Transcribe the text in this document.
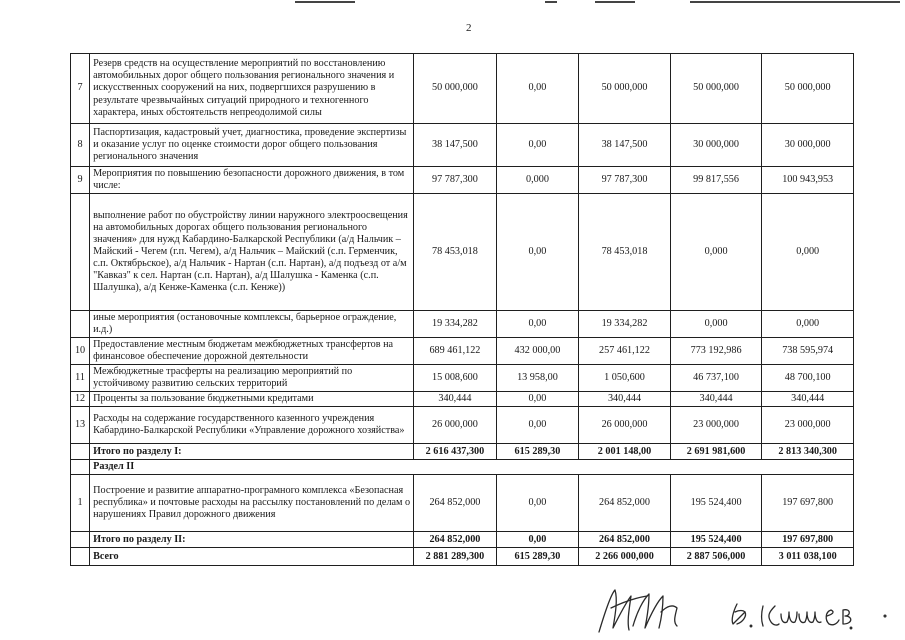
2
7	Резерв средств на осуществление мероприятий по восстановлению автомобильных дорог общего пользования регионального значения и искусственных сооружений на них, подвергшихся разрушению в результате чрезвычайных ситуаций природного и техногенного характера, иных обстоятельств непреодолимой силы	50 000,000	0,00	50 000,000	50 000,000	50 000,000
8	Паспортизация, кадастровый учет, диагностика, проведение экспертизы и оказание услуг по оценке стоимости дорог общего пользования регионального значения	38 147,500	0,00	38 147,500	30 000,000	30 000,000
9	Мероприятия по повышению безопасности дорожного движения, в том числе:	97 787,300	0,000	97 787,300	99 817,556	100 943,953
	выполнение работ по обустройству линии наружного электроосвещения на автомобильных дорогах общего пользования регионального значения» для нужд Кабардино-Балкарской Республики (а/д Нальчик – Майский - Чегем (г.п. Чегем), а/д Нальчик – Майский (с.п. Герменчик, с.п. Октябрьское), а/д Нальчик - Нартан (с.п. Нартан), а/д подъезд от а/м "Кавказ" к сел. Нартан (с.п. Нартан), а/д Шалушка - Каменка (с.п. Шалушка), а/д Кенже-Каменка (с.п. Кенже))	78 453,018	0,00	78 453,018	0,000	0,000
	иные мероприятия (остановочные комплексы, барьерное ограждение, и.д.)	19 334,282	0,00	19 334,282	0,000	0,000
10	Предоставление местным бюджетам межбюджетных трансфертов на финансовое обеспечение дорожной деятельности	689 461,122	432 000,00	257 461,122	773 192,986	738 595,974
11	Межбюджетные трасферты на реализацию мероприятий по устойчивому развитию сельских территорий	15 008,600	13 958,00	1 050,600	46 737,100	48 700,100
12	Проценты за пользование бюджетными кредитами	340,444	0,00	340,444	340,444	340,444
13	Расходы на содержание государственного казенного учреждения Кабардино-Балкарской Республики «Управление дорожного хозяйства»	26 000,000	0,00	26 000,000	23 000,000	23 000,000
	Итого по разделу I:	2 616 437,300	615 289,30	2 001 148,00	2 691 981,600	2 813 340,300
	Раздел II					
1	Построение и развитие аппаратно-програмного комплекса «Безопасная республика» и почтовые расходы на рассылку постановлений по делам о нарушениях Правил дорожного движения	264 852,000	0,00	264 852,000	195 524,400	197 697,800
	Итого по разделу II:	264 852,000	0,00	264 852,000	195 524,400	197 697,800
	Всего	2 881 289,300	615 289,30	2 266 000,000	2 887 506,000	3 011 038,100
